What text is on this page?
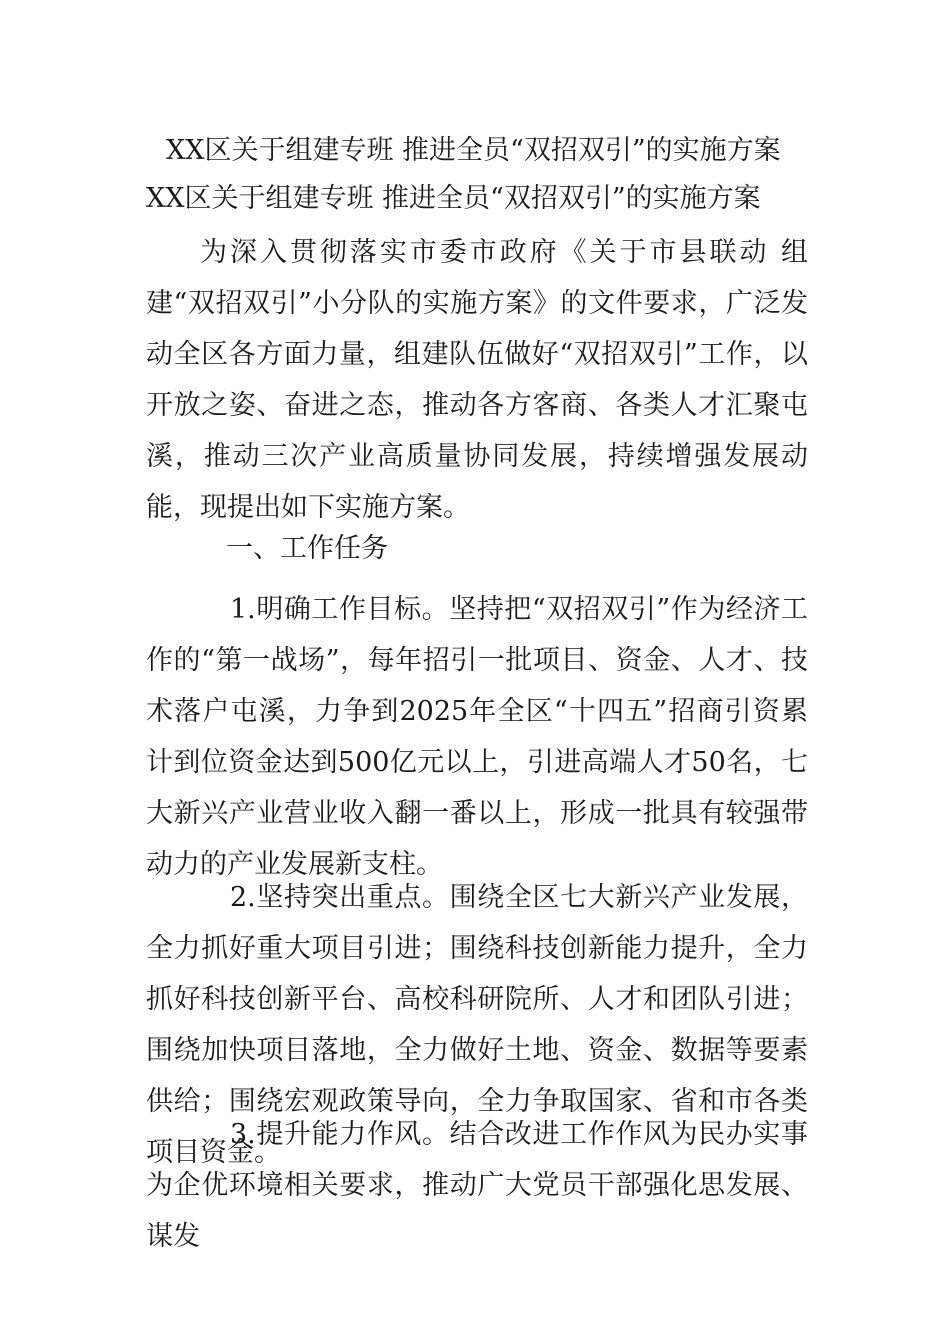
XX区关于组建专班 推进全员“双招双引”的实施方案
XX区关于组建专班 推进全员“双招双引”的实施方案

为深入贯彻落实市委市政府《关于市县联动 组建“双招双引”小分队的实施方案》的文件要求，广泛发动全区各方面力量，组建队伍做好“双招双引”工作，以开放之姿、奋进之态，推动各方客商、各类人才汇聚屯溪，推动三次产业高质量协同发展，持续增强发展动能，现提出如下实施方案。

一、工作任务

1.明确工作目标。坚持把“双招双引”作为经济工作的“第一战场”，每年招引一批项目、资金、人才、技术落户屯溪，力争到2025年全区“十四五”招商引资累计到位资金达到500亿元以上，引进高端人才50名，七大新兴产业营业收入翻一番以上，形成一批具有较强带动力的产业发展新支柱。

2.坚持突出重点。围绕全区七大新兴产业发展，全力抓好重大项目引进；围绕科技创新能力提升，全力抓好科技创新平台、高校科研院所、人才和团队引进；围绕加快项目落地，全力做好土地、资金、数据等要素供给；围绕宏观政策导向，全力争取国家、省和市各类项目资金。

3.提升能力作风。结合改进工作作风为民办实事为企优环境相关要求，推动广大党员干部强化思发展、谋发
